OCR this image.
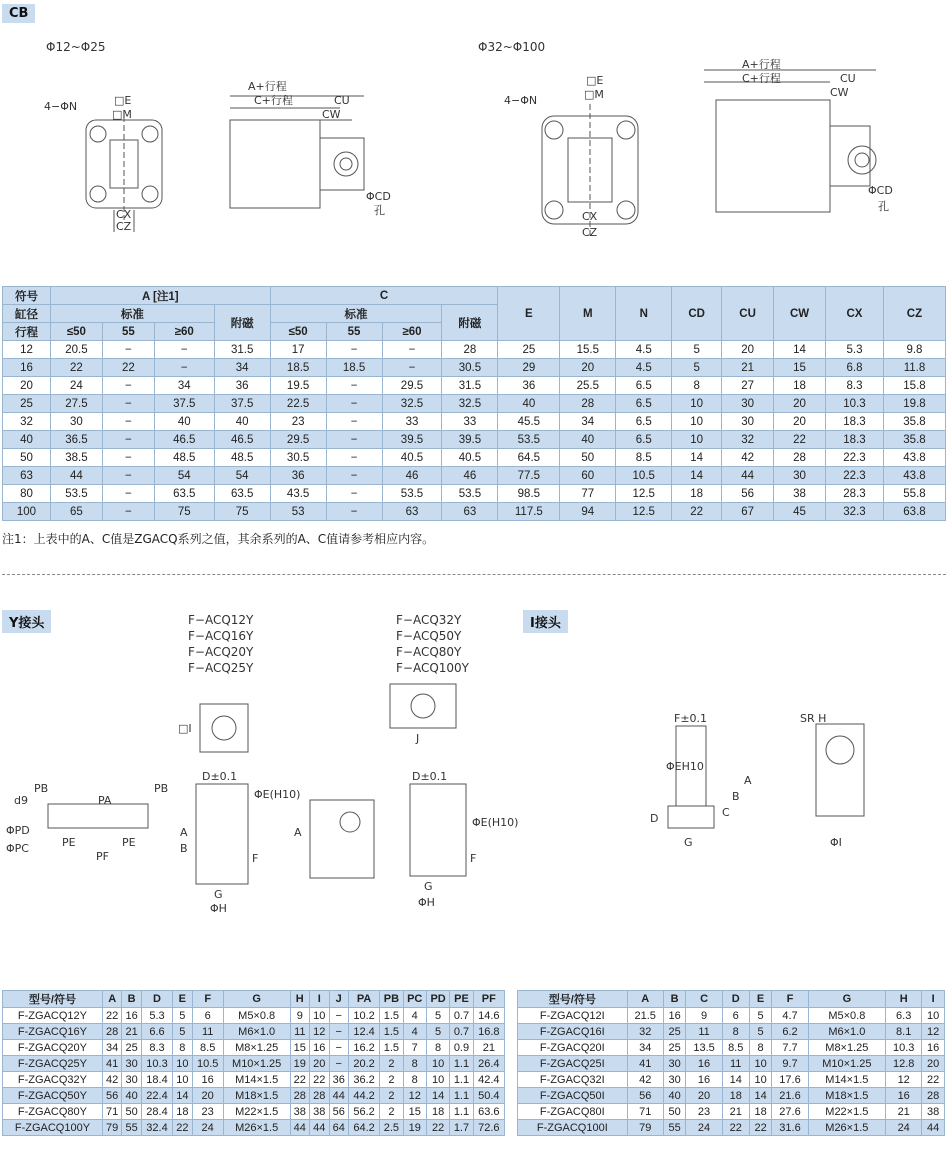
CB
Φ12~Φ25	Φ32~Φ100
4−ΦN	□E
□M
CX
CZ
A+行程
C+行程	CU
CW
ΦCD
孔
4−ΦN
□E
□M
CX
CZ
A+行程
C+行程	CU
CW
ΦCD
孔
符号	A [注1]				C				E	M	N	CD	CU	CW	CX	CZ
缸径	标准			附磁	标准			附磁								
行程	≤50	55	≥60		≤50	55	≥60									
12	20.5	−	−	31.5	17	−	−	28	25	15.5	4.5	5	20	14	5.3	9.8
16	22	22	−	34	18.5	18.5	−	30.5	29	20	4.5	5	21	15	6.8	11.8
20	24	−	34	36	19.5	−	29.5	31.5	36	25.5	6.5	8	27	18	8.3	15.8
25	27.5	−	37.5	37.5	22.5	−	32.5	32.5	40	28	6.5	10	30	20	10.3	19.8
32	30	−	40	40	23	−	33	33	45.5	34	6.5	10	30	20	18.3	35.8
40	36.5	−	46.5	46.5	29.5	−	39.5	39.5	53.5	40	6.5	10	32	22	18.3	35.8
50	38.5	−	48.5	48.5	30.5	−	40.5	40.5	64.5	50	8.5	14	42	28	22.3	43.8
63	44	−	54	54	36	−	46	46	77.5	60	10.5	14	44	30	22.3	43.8
80	53.5	−	63.5	63.5	43.5	−	53.5	53.5	98.5	77	12.5	18	56	38	28.3	55.8
100	65	−	75	75	53	−	63	63	117.5	94	12.5	22	67	45	32.3	63.8
注1：上表中的A、C值是ZGACQ系列之值，其余系列的A、C值请参考相应内容。
Y接头	I接头
F−ACQ12Y
F−ACQ16Y
F−ACQ20Y
F−ACQ25Y
F−ACQ32Y
F−ACQ50Y
F−ACQ80Y
F−ACQ100Y
PB
PA
PB
ΦPD
d9
ΦPC	PE	PE
PF
D±0.1
ΦE(H10)
A
B
F
G
ΦH
□I
J
A
D±0.1
ΦE(H10)
F
G
ΦH
F±0.1
ΦEH10
A
B
C
D
G
SR H
ΦI
型号/符号	A	B	D	E	F	G	H	I	J	PA	PB	PC	PD	PE	PF
F-ZGACQ12Y	22	16	5.3	5	6	M5×0.8	9	10	−	10.2	1.5	4	5	0.7	14.6
F-ZGACQ16Y	28	21	6.6	5	11	M6×1.0	11	12	−	12.4	1.5	4	5	0.7	16.8
F-ZGACQ20Y	34	25	8.3	8	8.5	M8×1.25	15	16	−	16.2	1.5	7	8	0.9	21
F-ZGACQ25Y	41	30	10.3	10	10.5	M10×1.25	19	20	−	20.2	2	8	10	1.1	26.4
F-ZGACQ32Y	42	30	18.4	10	16	M14×1.5	22	22	36	36.2	2	8	10	1.1	42.4
F-ZGACQ50Y	56	40	22.4	14	20	M18×1.5	28	28	44	44.2	2	12	14	1.1	50.4
F-ZGACQ80Y	71	50	28.4	18	23	M22×1.5	38	38	56	56.2	2	15	18	1.1	63.6
F-ZGACQ100Y	79	55	32.4	22	24	M26×1.5	44	44	64	64.2	2.5	19	22	1.7	72.6
型号/符号	A	B	C	D	E	F	G	H	I
F-ZGACQ12I	21.5	16	9	6	5	4.7	M5×0.8	6.3	10
F-ZGACQ16I	32	25	11	8	5	6.2	M6×1.0	8.1	12
F-ZGACQ20I	34	25	13.5	8.5	8	7.7	M8×1.25	10.3	16
F-ZGACQ25I	41	30	16	11	10	9.7	M10×1.25	12.8	20
F-ZGACQ32I	42	30	16	14	10	17.6	M14×1.5	12	22
F-ZGACQ50I	56	40	20	18	14	21.6	M18×1.5	16	28
F-ZGACQ80I	71	50	23	21	18	27.6	M22×1.5	21	38
F-ZGACQ100I	79	55	24	22	22	31.6	M26×1.5	24	44
